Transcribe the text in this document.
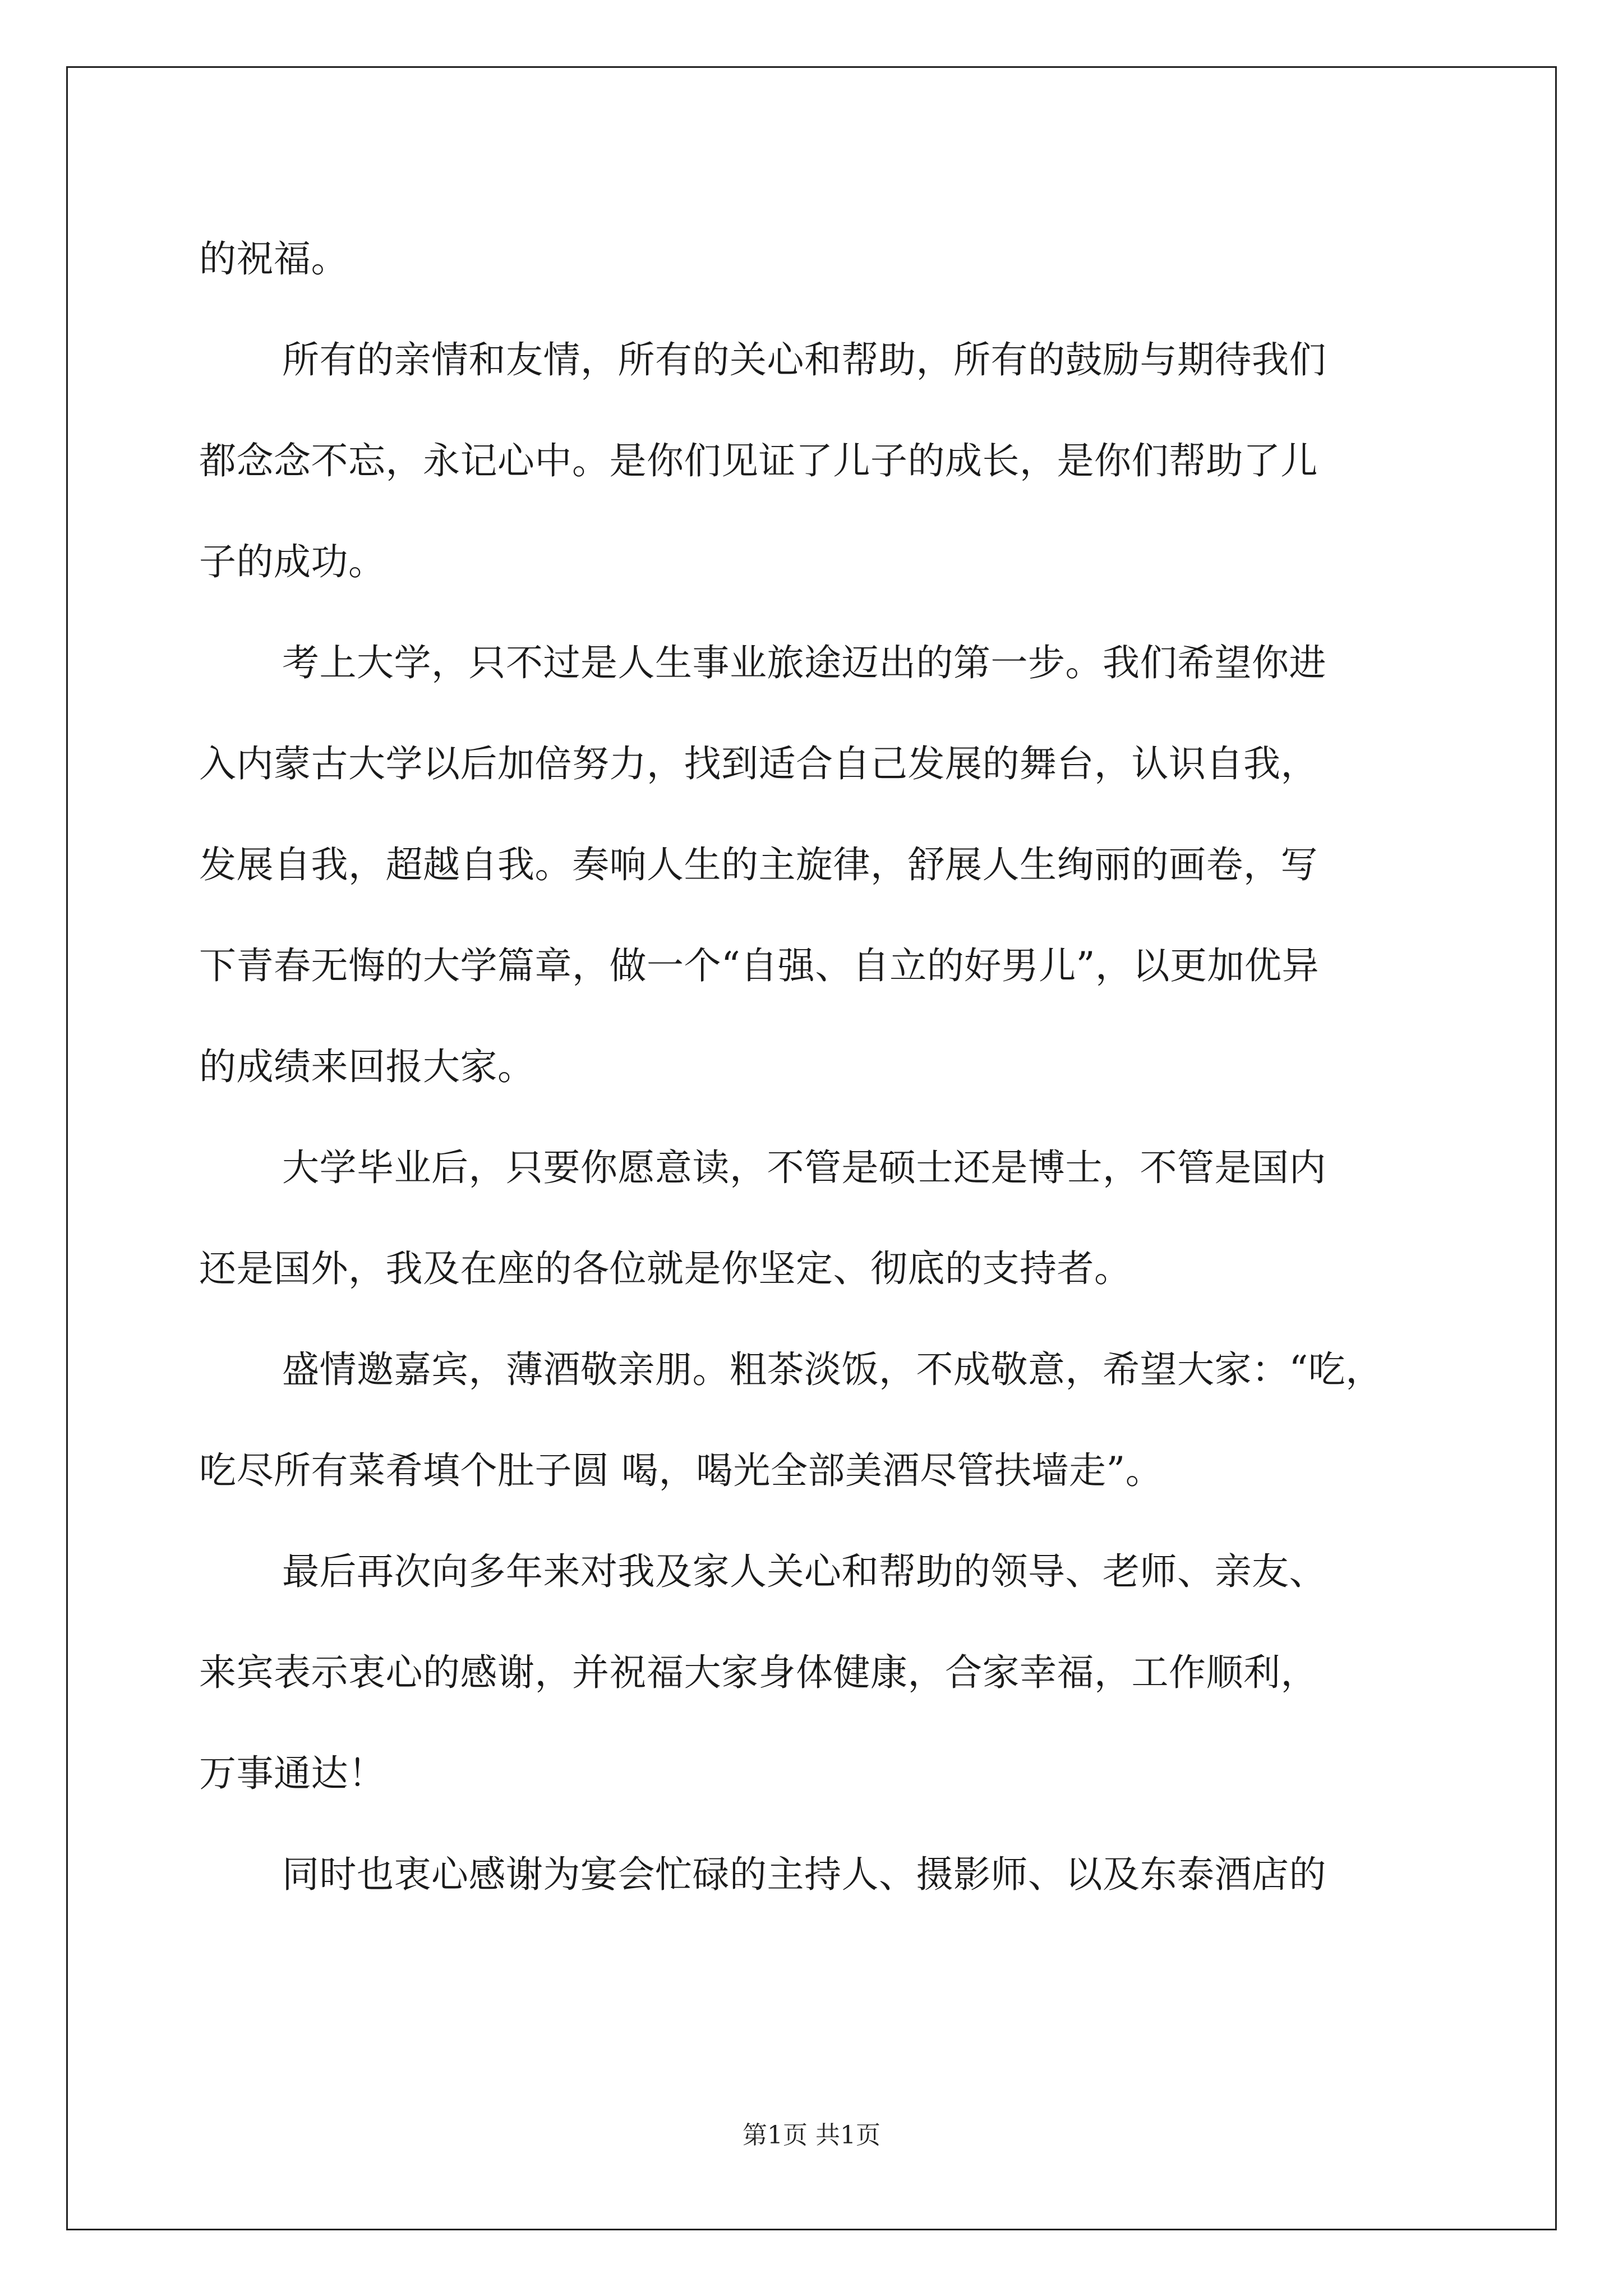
的祝福。
所有的亲情和友情，所有的关心和帮助，所有的鼓励与期待我们
都念念不忘，永记心中。是你们见证了儿子的成长，是你们帮助了儿
子的成功。
考上大学，只不过是人生事业旅途迈出的第一步。我们希望你进
入内蒙古大学以后加倍努力，找到适合自己发展的舞台，认识自我，
发展自我，超越自我。奏响人生的主旋律，舒展人生绚丽的画卷，写
下青春无悔的大学篇章，做一个“自强、自立的好男儿”，以更加优异
的成绩来回报大家。
大学毕业后，只要你愿意读，不管是硕士还是博士，不管是国内
还是国外，我及在座的各位就是你坚定、彻底的支持者。
盛情邀嘉宾，薄酒敬亲朋。粗茶淡饭，不成敬意，希望大家：“吃，
吃尽所有菜肴填个肚子圆 喝，喝光全部美酒尽管扶墙走”。
最后再次向多年来对我及家人关心和帮助的领导、老师、亲友、
来宾表示衷心的感谢，并祝福大家身体健康，合家幸福，工作顺利，
万事通达！
同时也衷心感谢为宴会忙碌的主持人、摄影师、以及东泰酒店的

第1页 共1页
